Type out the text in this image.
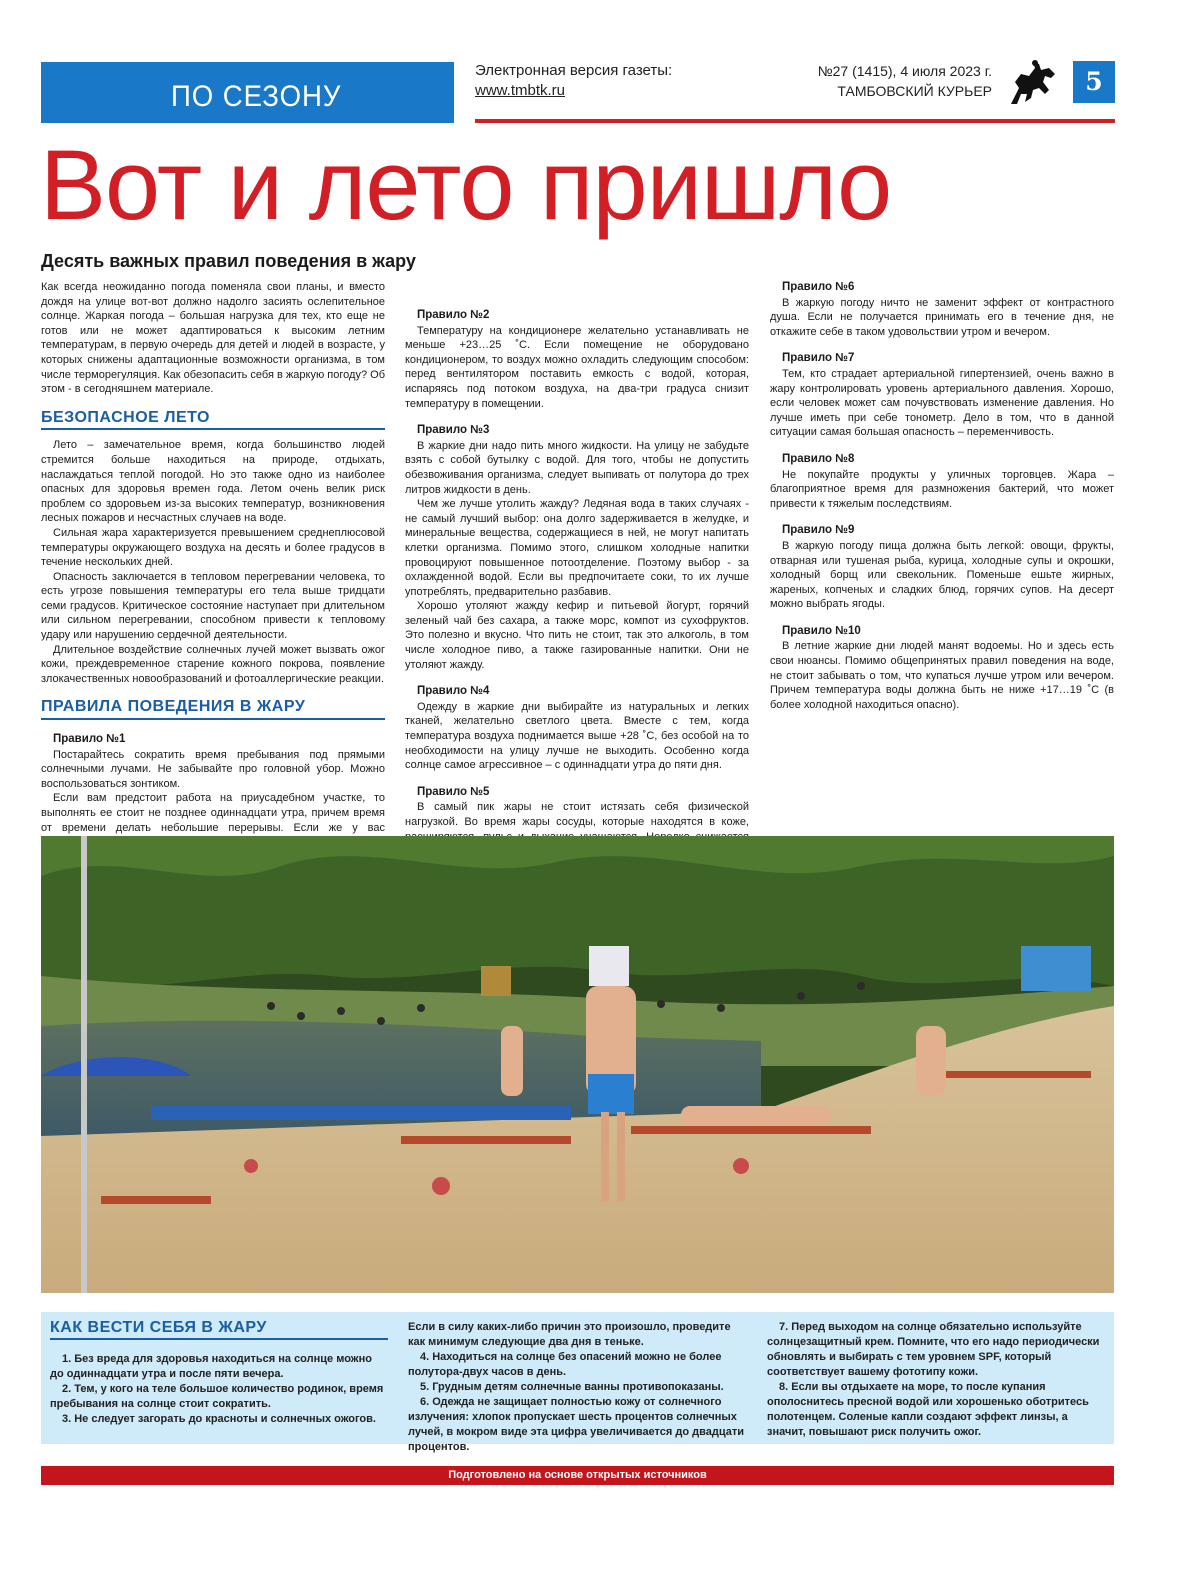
ПО СЕЗОНУ
Электронная версия газеты:
www.tmbtk.ru
№27 (1415), 4 июля 2023 г.
ТАМБОВСКИЙ КУРЬЕР	5
Вот и лето пришло
Десять важных правил поведения в жару

Как всегда неожиданно погода поменяла свои планы, и вместо дождя на улице вот-вот должно надолго засиять ослепительное солнце. Жаркая погода – большая нагрузка для тех, кто еще не готов или не может адаптироваться к высоким летним температурам, в первую очередь для детей и людей в возрасте, у которых снижены адаптационные возможности организма, в том числе терморегуляция. Как обезопасить себя в жаркую погоду? Об этом - в сегодняшнем материале.

БЕЗОПАСНОЕ ЛЕТО

Лето – замечательное время, когда большинство людей стремится больше находиться на природе, отдыхать, наслаждаться теплой погодой. Но это также одно из наиболее опасных для здоровья времен года. Летом очень велик риск проблем со здоровьем из-за высоких температур, возникновения лесных пожаров и несчастных случаев на воде.

Сильная жара характеризуется превышением среднеплюсовой температуры окружающего воздуха на десять и более градусов в течение нескольких дней.

Опасность заключается в тепловом перегревании человека, то есть угрозе повышения температуры его тела выше тридцати семи градусов. Критическое состояние наступает при длительном или сильном перегревании, способном привести к тепловому удару или нарушению сердечной деятельности.

Длительное воздействие солнечных лучей может вызвать ожог кожи, преждевременное старение кожного покрова, появление злокачественных новообразований и фотоаллергические реакции.

ПРАВИЛА ПОВЕДЕНИЯ В ЖАРУ
Правило №1

Постарайтесь сократить время пребывания под прямыми солнечными лучами. Не забывайте про головной убор. Можно воспользоваться зонтиком.

Если вам предстоит работа на приусадебном участке, то выполнять ее стоит не позднее одиннадцати утра, причем время от времени делать небольшие перерывы. Если же у вас

Правило №2

Температуру на кондиционере желательно устанавливать не меньше +23…25 ˚С. Если помещение не оборудовано кондиционером, то воздух можно охладить следующим способом: перед вентилятором поставить емкость с водой, которая, испаряясь под потоком воздуха, на два-три градуса снизит температуру в помещении.

Правило №3

В жаркие дни надо пить много жидкости. На улицу не забудьте взять с собой бутылку с водой. Для того, чтобы не допустить обезвоживания организма, следует выпивать от полутора до трех литров жидкости в день.

Чем же лучше утолить жажду? Ледяная вода в таких случаях - не самый лучший выбор: она долго задерживается в желудке, и минеральные вещества, содержащиеся в ней, не могут напитать клетки организма. Помимо этого, слишком холодные напитки провоцируют повышенное потоотделение. Поэтому выбор - за охлажденной водой. Если вы предпочитаете соки, то их лучше употреблять, предварительно разбавив.

Хорошо утоляют жажду кефир и питьевой йогурт, горячий зеленый чай без сахара, а также морс, компот из сухофруктов. Это полезно и вкусно. Что пить не стоит, так это алкоголь, в том числе холодное пиво, а также газированные напитки. Они не утоляют жажду.

Правило №4

Одежду в жаркие дни выбирайте из натуральных и легких тканей, желательно светлого цвета. Вместе с тем, когда температура воздуха поднимается выше +28 ˚С, без особой на то необходимости на улицу лучше не выходить. Особенно когда солнце самое агрессивное – с одиннадцати утра до пяти дня.

Правило №5

В самый пик жары не стоит истязать себя физической нагрузкой. Во время жары сосуды, которые находятся в коже,

Правило №6

В жаркую погоду ничто не заменит эффект от контрастного душа. Если не получается принимать его в течение дня, не откажите себе в таком удовольствии утром и вечером.

Правило №7

Тем, кто страдает артериальной гипертензией, очень важно в жару контролировать уровень артериального давления. Хорошо, если человек может сам почувствовать изменение давления. Но лучше иметь при себе тонометр. Дело в том, что в данной ситуации самая большая опасность – переменчивость.

Правило №8

Не покупайте продукты у уличных торговцев. Жара – благоприятное время для размножения бактерий, что может привести к тяжелым последствиям.

Правило №9

В жаркую погоду пища должна быть легкой: овощи, фрукты, отварная или тушеная рыба, курица, холодные супы и окрошки, холодный борщ или свекольник. Поменьше ешьте жирных, жареных, копченых и сладких блюд, горячих супов. На десерт можно выбрать ягоды.

Правило №10

В летние жаркие дни людей манят водоемы. Но и здесь есть свои нюансы. Помимо общепринятых правил поведения на воде, не стоит забывать о том, что купаться лучше утром или вечером. Причем температура воды должна быть не ниже +17…19 ˚С (в более холодной находиться опасно).

КАК ВЕСТИ СЕБЯ В ЖАРУ

1. Без вреда для здоровья находиться на солнце можно до одиннадцати утра и после пяти вечера.

2. Тем, у кого на теле большое количество родинок, время пребывания на солнце стоит сократить.

3. Не следует загорать до красноты и солнечных ожогов.

Если в силу каких-либо причин это произошло, проведите как минимум следующие два дня в теньке.

4. Находиться на солнце без опасений можно не более полутора-двух часов в день.

5. Грудным детям солнечные ванны противопоказаны.

6. Одежда не защищает полностью кожу от солнечного излучения: хлопок пропускает шесть процентов солнечных лучей, в мокром виде эта цифра увеличивается до двадцати процентов.

7. Перед выходом на солнце обязательно используйте солнцезащитный крем. Помните, что его надо периодически обновлять и выбирать с тем уровнем SPF, который соответствует вашему фототипу кожи.

8. Если вы отдыхаете на море, то после купания ополоснитесь пресной водой или хорошенько оботритесь полотенцем. Соленые капли создают эффект линзы, а значит, повышают риск получить ожог.

Подготовлено на основе открытых источников
